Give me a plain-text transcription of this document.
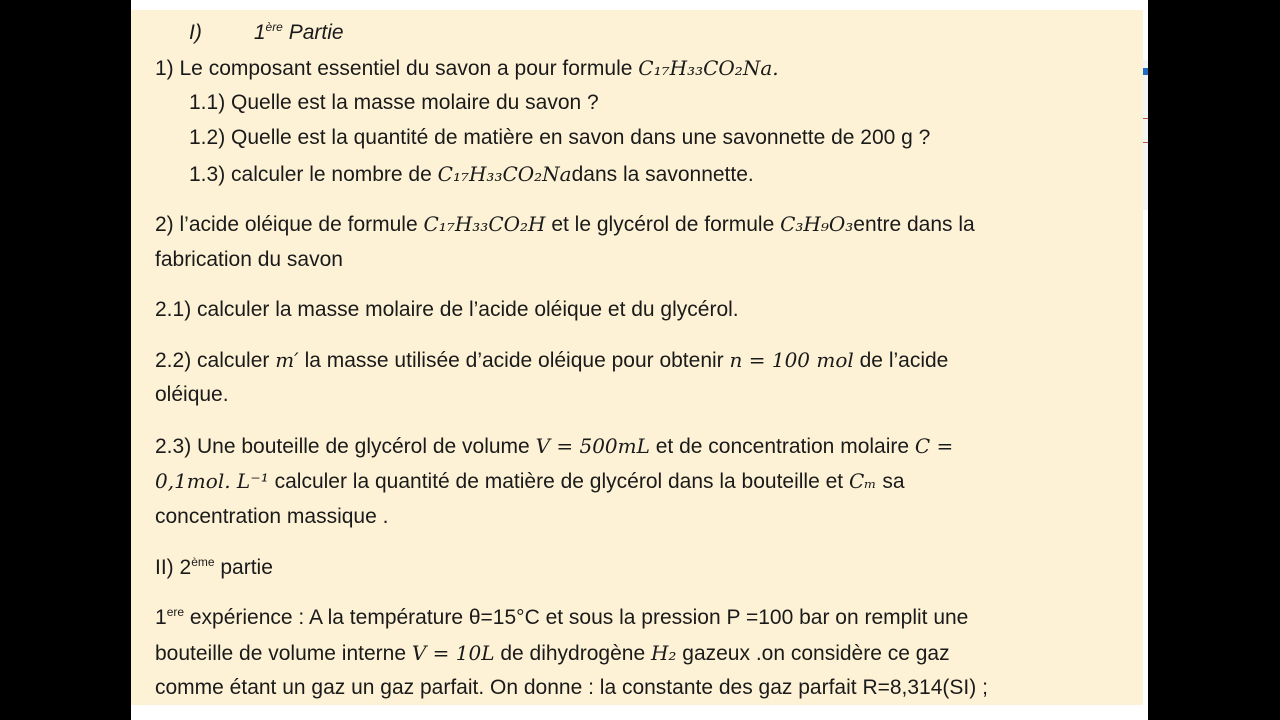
I) 1ère Partie
1) Le composant essentiel du savon a pour formule C₁₇H₃₃CO₂Na.
1.1) Quelle est la masse molaire du savon ?
1.2) Quelle est la quantité de matière en savon dans une savonnette de 200 g ?
1.3) calculer le nombre de C₁₇H₃₃CO₂Nadans la savonnette.
2) l’acide oléique de formule C₁₇H₃₃CO₂H et le glycérol de formule C₃H₉O₃entre dans la
fabrication du savon
2.1) calculer la masse molaire de l’acide oléique et du glycérol.
2.2) calculer m′ la masse utilisée d’acide oléique pour obtenir n = 100 mol de l’acide
oléique.
2.3) Une bouteille de glycérol de volume V = 500mL et de concentration molaire C =
0,1mol. L⁻¹ calculer la quantité de matière de glycérol dans la bouteille et Cₘ sa
concentration massique .
II) 2ème partie
1ere expérience : A la température θ=15°C et sous la pression P =100 bar on remplit une
bouteille de volume interne V = 10L de dihydrogène H₂ gazeux .on considère ce gaz
comme étant un gaz un gaz parfait. On donne : la constante des gaz parfait R=8,314(SI) ;
